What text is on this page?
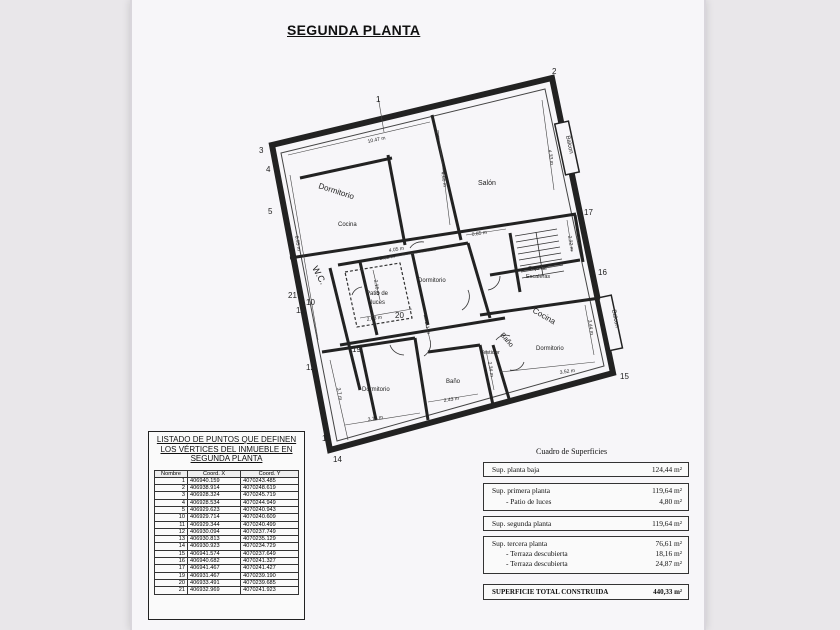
SEGUNDA PLANTA
Salón
Cocina
Dormitorio
Patio de
luces
Caja de
Escaleras
Dormitorio
Vestidor
Baño
Dormitorio
Balcon
Balcon
Dormitorio
W.C.
Cocina
Baño
10.47 m
4.33 m
4.66 m
4.05 m
0.85 m
2.22 m
2.32 m
6.95 m
2.16 m
2.08 m
2.1 m	3.44 m
2.34 m	3.52 m
3.7 m	2.43 m
3.16 m
1
2
3
4
5
10
11
12
13
14
15
16
17
19
20
21
LISTADO DE PUNTOS QUE DEFINEN
LOS VÉRTICES DEL INMUEBLE EN
SEGUNDA PLANTA
Nombre	Coord. X	Coord. Y
1	406940.159	4070243.485
2	406938.914	4070248.619
3	406928.324	4070245.719
4	406928.534	4070244.949
5	406929.623	4070240.943
10	406929.714	4070240.609
11	406929.344	4070240.499
12	406930.094	4070237.749
13	406930.813	4070235.129
14	406930.923	4070234.729
15	406941.574	4070237.649
16	406940.682	4070241.327
17	406941.467	4070241.427
19	406931.467	4070239.190
20	406933.491	4070239.685
21	406932.969	4070241.923
Cuadro de Superficies
Sup. planta baja	124,44 m²
Sup. primera planta	119,64 m²
- Patio de luces	4,80 m²
Sup. segunda planta	119,64 m²
Sup. tercera planta	76,61 m²
- Terraza descubierta	18,16 m²
- Terraza descubierta	24,87 m²
SUPERFICIE TOTAL CONSTRUIDA	440,33 m²
